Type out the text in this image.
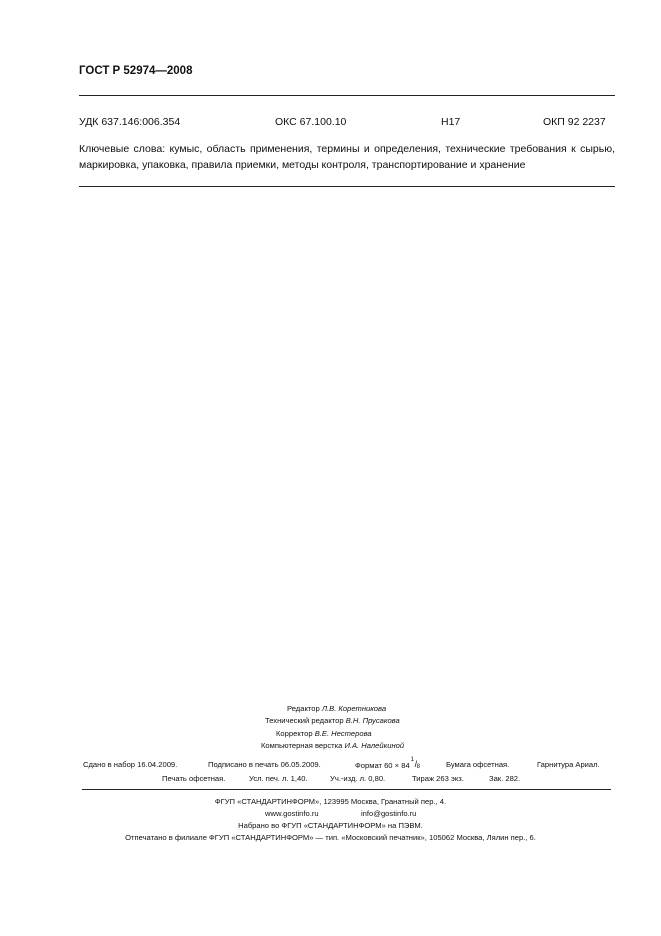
ГОСТ Р 52974—2008
УДК 637.146:006.354	ОКС 67.100.10	Н17	ОКП 92 2237
Ключевые слова: кумыс, область применения, термины и определения, технические требования к сырью, маркировка, упаковка, правила приемки, методы контроля, транспортирование и хранение
Редактор Л.В. Коретникова
Технический редактор В.Н. Прусакова
Корректор В.Е. Нестерова
Компьютерная верстка И.А. Налейкиной
Сдано в набор 16.04.2009.	Подписано в печать 06.05.2009.	Формат 60 × 84
1 / 8	Бумага офсетная.	Гарнитура Ариал.
Печать офсетная.	Усл. печ. л. 1,40.	Уч.-изд. л. 0,80.	Тираж 263 экз.	Зак. 282.
ФГУП «СТАНДАРТИНФОРМ», 123995 Москва, Гранатный пер., 4.
www.gostinfo.ru	info@gostinfo.ru
Набрано во ФГУП «СТАНДАРТИНФОРМ» на ПЭВМ.
Отпечатано в филиале ФГУП «СТАНДАРТИНФОРМ» — тип. «Московский печатник», 105062 Москва, Лялин пер., 6.
